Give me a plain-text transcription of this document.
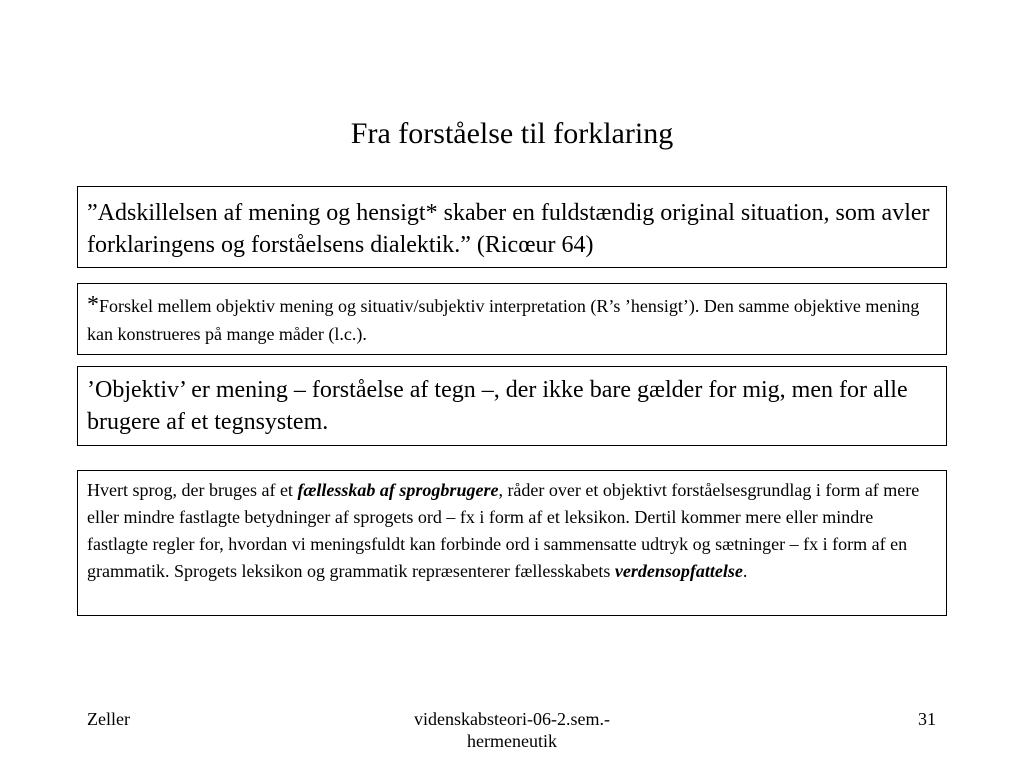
Fra forståelse til forklaring
”Adskillelsen af mening og hensigt* skaber en fuldstændig original situation, som avler forklaringens og forståelsens dialektik.” (Ricœur 64)
*Forskel mellem objektiv mening og situativ/subjektiv interpretation (R’s ’hensigt’). Den samme objektive mening kan konstrueres på mange måder (l.c.).
’Objektiv’ er mening – forståelse af tegn –, der ikke bare gælder for mig, men for alle brugere af et tegnsystem.
Hvert sprog, der bruges af et fællesskab af sprogbrugere, råder over et objektivt forståelsesgrundlag i form af mere eller mindre fastlagte betydninger af sprogets ord – fx i form af et leksikon. Dertil kommer mere eller mindre fastlagte regler for, hvordan vi meningsfuldt kan forbinde ord i sammensatte udtryk og sætninger – fx i form af en grammatik. Sprogets leksikon og grammatik repræsenterer fællesskabets verdensopfattelse.
Zeller	videnskabsteori-06-2.sem.-
hermeneutik
31
